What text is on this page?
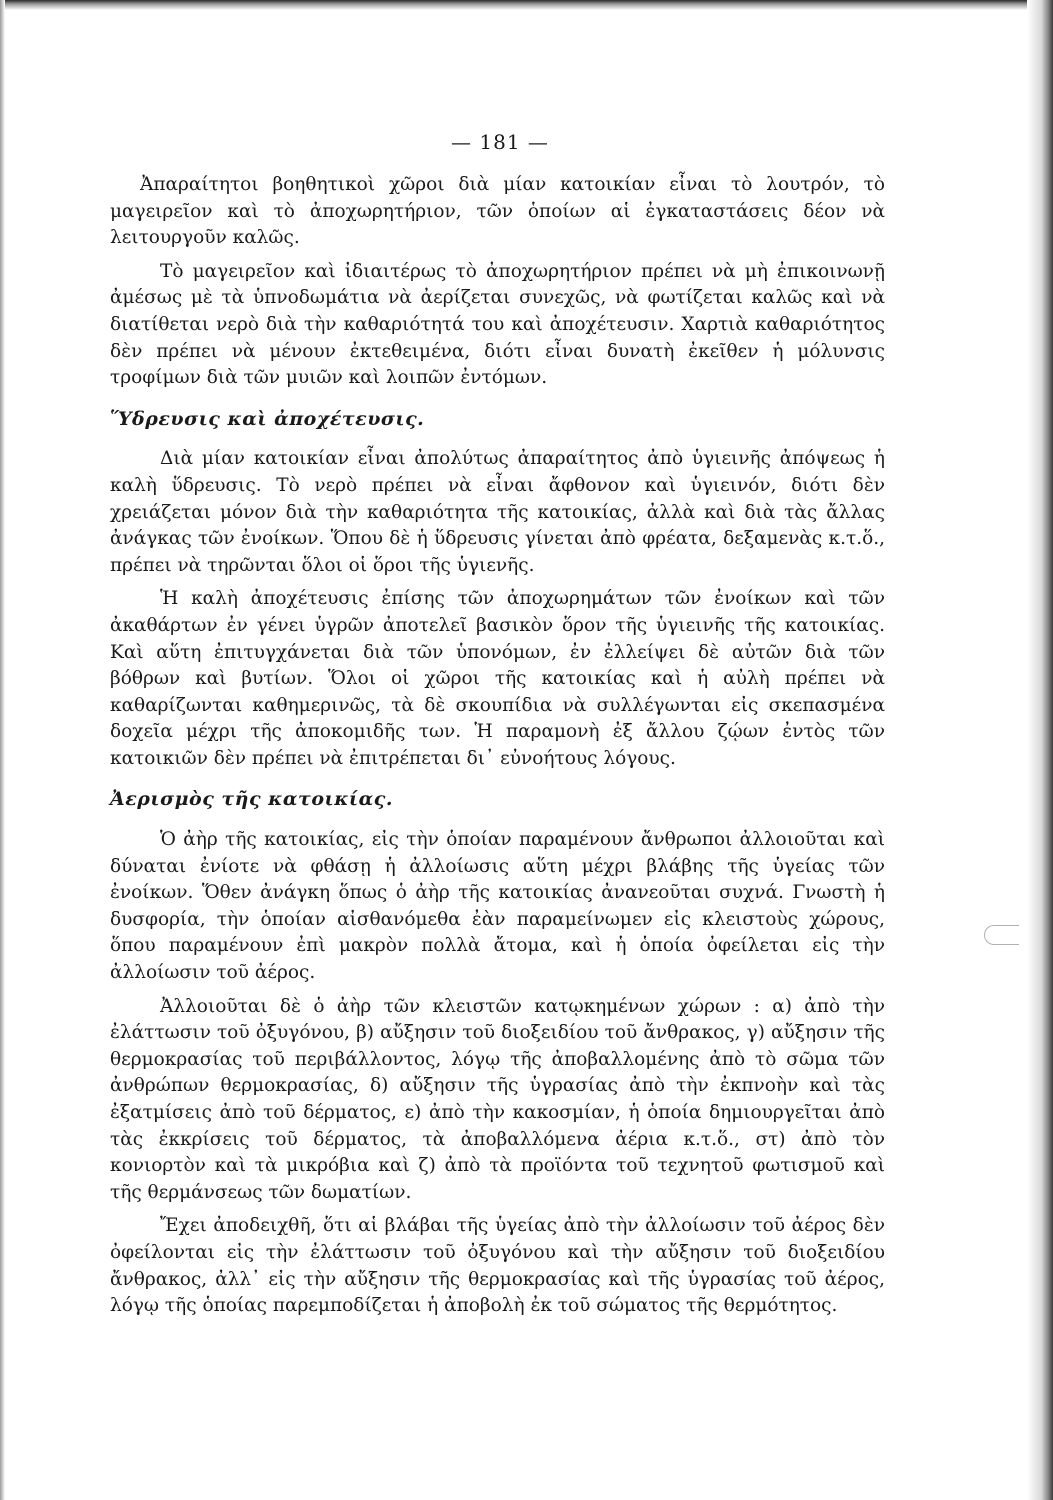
— 181 —

Ἀπαραίτητοι βοηθητικοὶ χῶροι διὰ μίαν κατοικίαν εἶναι τὸ λουτρόν, τὸ μαγειρεῖον καὶ τὸ ἀποχωρητήριον, τῶν ὁποίων αἱ ἐγκαταστάσεις δέον νὰ λειτουργοῦν καλῶς.

Τὸ μαγειρεῖον καὶ ἰδιαιτέρως τὸ ἀποχωρητήριον πρέπει νὰ μὴ ἐπικοινωνῇ ἀμέσως μὲ τὰ ὑπνοδωμάτια νὰ ἀερίζεται συνεχῶς, νὰ φωτίζεται καλῶς καὶ νὰ διατίθεται νερὸ διὰ τὴν καθαριότητά του καὶ ἀποχέτευσιν. Χαρτιὰ καθαριότητος δὲν πρέπει νὰ μένουν ἐκτεθειμένα, διότι εἶναι δυνατὴ ἐκεῖθεν ἡ μόλυνσις τροφίμων διὰ τῶν μυιῶν καὶ λοιπῶν ἐντόμων.

Ὕδρευσις καὶ ἀποχέτευσις.

Διὰ μίαν κατοικίαν εἶναι ἀπολύτως ἀπαραίτητος ἀπὸ ὑγιεινῆς ἀπόψεως ἡ καλὴ ὕδρευσις. Τὸ νερὸ πρέπει νὰ εἶναι ἄφθονον καὶ ὑγιεινόν, διότι δὲν χρειάζεται μόνον διὰ τὴν καθαριότητα τῆς κατοικίας, ἀλλὰ καὶ διὰ τὰς ἄλλας ἀνάγκας τῶν ἐνοίκων. Ὅπου δὲ ἡ ὕδρευσις γίνεται ἀπὸ φρέατα, δεξαμενὰς κ.τ.ὅ., πρέπει νὰ τηρῶνται ὅλοι οἱ ὅροι τῆς ὑγιενῆς.

Ἡ καλὴ ἀποχέτευσις ἐπίσης τῶν ἀποχωρημάτων τῶν ἐνοίκων καὶ τῶν ἀκαθάρτων ἐν γένει ὑγρῶν ἀποτελεῖ βασικὸν ὅρον τῆς ὑγιεινῆς τῆς κατοικίας. Καὶ αὕτη ἐπιτυγχάνεται διὰ τῶν ὑπονόμων, ἐν ἐλλείψει δὲ αὐτῶν διὰ τῶν βόθρων καὶ βυτίων. Ὅλοι οἱ χῶροι τῆς κατοικίας καὶ ἡ αὐλὴ πρέπει νὰ καθαρίζωνται καθημερινῶς, τὰ δὲ σκουπίδια νὰ συλλέγωνται εἰς σκεπασμένα δοχεῖα μέχρι τῆς ἀποκομιδῆς των. Ἡ παραμονὴ ἐξ ἄλλου ζῴων ἐντὸς τῶν κατοικιῶν δὲν πρέπει νὰ ἐπιτρέπεται δι᾿ εὐνοήτους λόγους.

Ἀερισμὸς τῆς κατοικίας.

Ὁ ἀὴρ τῆς κατοικίας, εἰς τὴν ὁποίαν παραμένουν ἄνθρωποι ἀλλοιοῦται καὶ δύναται ἐνίοτε νὰ φθάσῃ ἡ ἀλλοίωσις αὕτη μέχρι βλάβης τῆς ὑγείας τῶν ἐνοίκων. Ὅθεν ἀνάγκη ὅπως ὁ ἀὴρ τῆς κατοικίας ἀνανεοῦται συχνά. Γνωστὴ ἡ δυσφορία, τὴν ὁποίαν αἰσθανόμεθα ἐὰν παραμείνωμεν εἰς κλειστοὺς χώρους, ὅπου παραμένουν ἐπὶ μακρὸν πολλὰ ἄτομα, καὶ ἡ ὁποία ὀφείλεται εἰς τὴν ἀλλοίωσιν τοῦ ἀέρος.

Ἀλλοιοῦται δὲ ὁ ἀὴρ τῶν κλειστῶν κατῳκημένων χώρων : α) ἀπὸ τὴν ἐλάττωσιν τοῦ ὀξυγόνου, β) αὔξησιν τοῦ διοξειδίου τοῦ ἄνθρακος, γ) αὔξησιν τῆς θερμοκρασίας τοῦ περιβάλλοντος, λόγῳ τῆς ἀποβαλλομένης ἀπὸ τὸ σῶμα τῶν ἀνθρώπων θερμοκρασίας, δ) αὔξησιν τῆς ὑγρασίας ἀπὸ τὴν ἐκπνοὴν καὶ τὰς ἐξατμίσεις ἀπὸ τοῦ δέρματος, ε) ἀπὸ τὴν κακοσμίαν, ἡ ὁποία δημιουργεῖται ἀπὸ τὰς ἐκκρίσεις τοῦ δέρματος, τὰ ἀποβαλλόμενα ἀέρια κ.τ.ὅ., στ) ἀπὸ τὸν κονιορτὸν καὶ τὰ μικρόβια καὶ ζ) ἀπὸ τὰ προϊόντα τοῦ τεχνητοῦ φωτισμοῦ καὶ τῆς θερμάνσεως τῶν δωματίων.

Ἔχει ἀποδειχθῆ, ὅτι αἱ βλάβαι τῆς ὑγείας ἀπὸ τὴν ἀλλοίωσιν τοῦ ἀέρος δὲν ὀφείλονται εἰς τὴν ἐλάττωσιν τοῦ ὀξυγόνου καὶ τὴν αὔξησιν τοῦ διοξειδίου ἄνθρακος, ἀλλ᾿ εἰς τὴν αὔξησιν τῆς θερμοκρασίας καὶ τῆς ὑγρασίας τοῦ ἀέρος, λόγῳ τῆς ὁποίας παρεμποδίζεται ἡ ἀποβολὴ ἐκ τοῦ σώματος τῆς θερμότητος.
